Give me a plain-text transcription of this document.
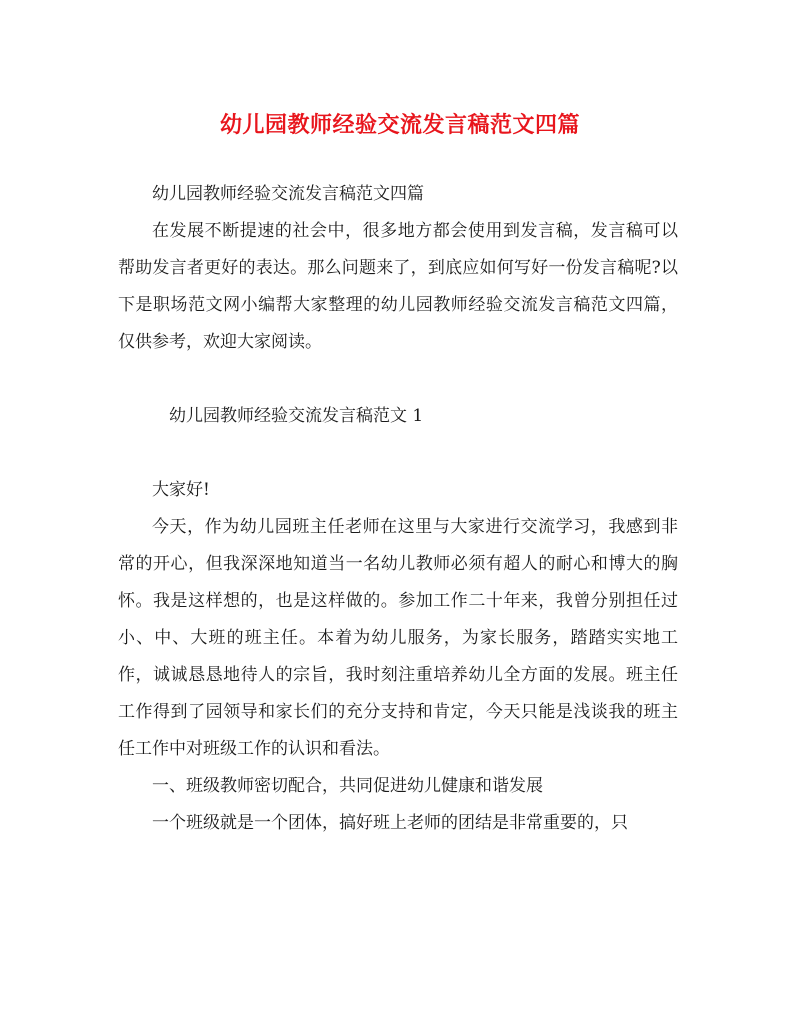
幼儿园教师经验交流发言稿范文四篇

幼儿园教师经验交流发言稿范文四篇

在发展不断提速的社会中，很多地方都会使用到发言稿，发言稿可以帮助发言者更好的表达。那么问题来了，到底应如何写好一份发言稿呢?以下是职场范文网小编帮大家整理的幼儿园教师经验交流发言稿范文四篇，仅供参考，欢迎大家阅读。

幼儿园教师经验交流发言稿范文 1

大家好!

今天，作为幼儿园班主任老师在这里与大家进行交流学习，我感到非常的开心，但我深深地知道当一名幼儿教师必须有超人的耐心和博大的胸怀。我是这样想的，也是这样做的。参加工作二十年来，我曾分别担任过小、中、大班的班主任。本着为幼儿服务，为家长服务，踏踏实实地工作，诚诚恳恳地待人的宗旨，我时刻注重培养幼儿全方面的发展。班主任工作得到了园领导和家长们的充分支持和肯定，今天只能是浅谈我的班主任工作中对班级工作的认识和看法。

一、班级教师密切配合，共同促进幼儿健康和谐发展

一个班级就是一个团体，搞好班上老师的团结是非常重要的，只
